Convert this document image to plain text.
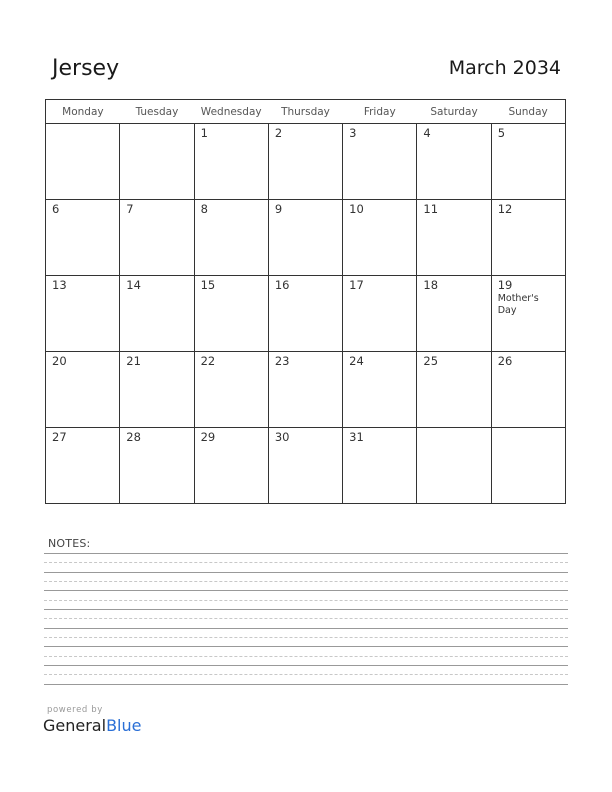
Jersey	March 2034
Monday	Tuesday	Wednesday	Thursday	Friday	Saturday	Sunday

		1	2	3	4	5

6	7	8	9	10	11	12

13	14	15	16	17	18	19
Mother's Day

20	21	22	23	24	25	26

27	28	29	30	31		

NOTES:
powered by
GeneralBlue
